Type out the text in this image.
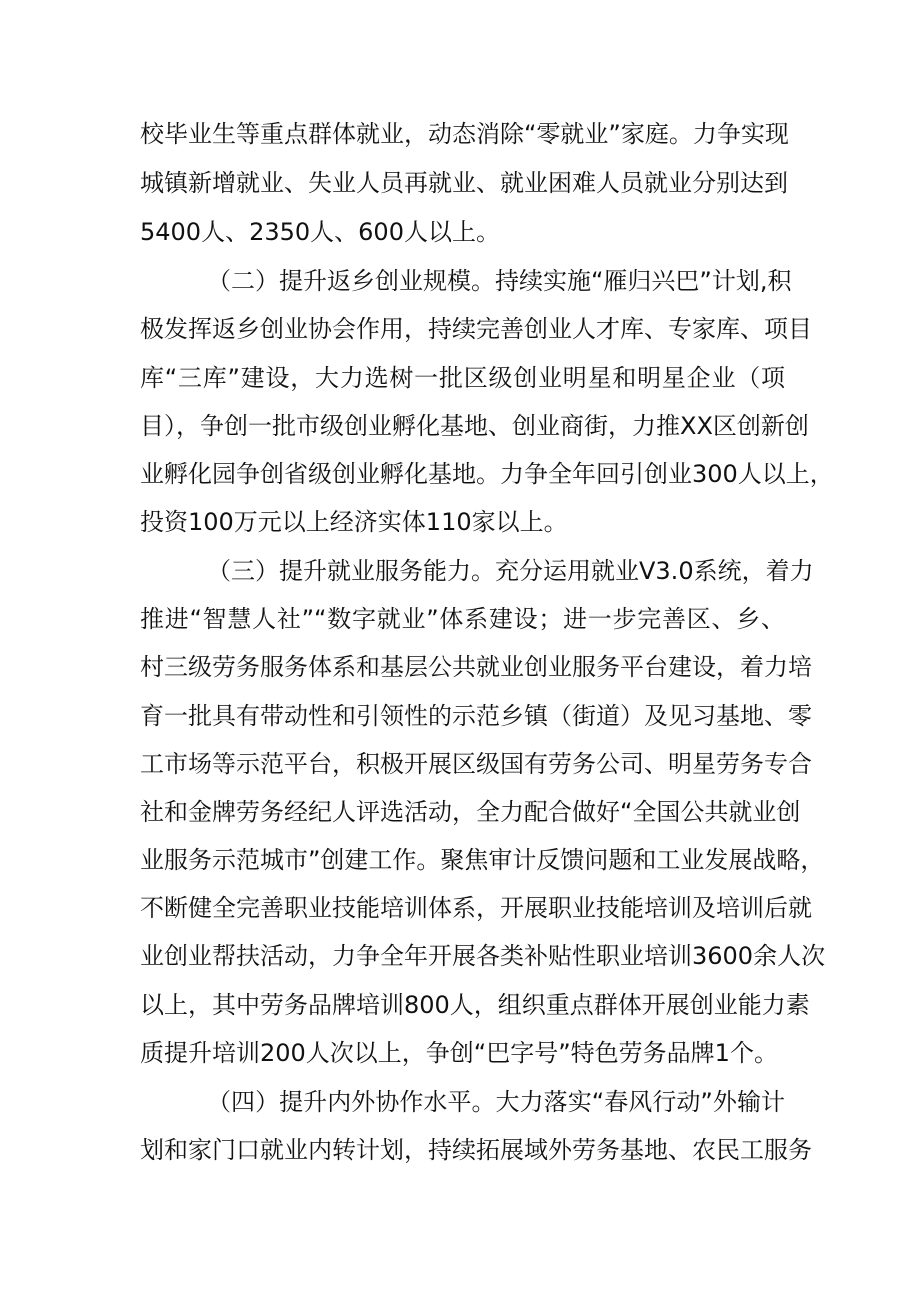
校毕业生等重点群体就业，动态消除“零就业”家庭。力争实现
城镇新增就业、失业人员再就业、就业困难人员就业分别达到
5400人、2350人、600人以上。
（二）提升返乡创业规模。持续实施“雁归兴巴”计划,积
极发挥返乡创业协会作用，持续完善创业人才库、专家库、项目
库“三库”建设，大力选树一批区级创业明星和明星企业（项
目），争创一批市级创业孵化基地、创业商街，力推XX区创新创
业孵化园争创省级创业孵化基地。力争全年回引创业300人以上，
投资100万元以上经济实体110家以上。
（三）提升就业服务能力。充分运用就业V3.0系统，着力
推进“智慧人社”“数字就业”体系建设；进一步完善区、乡、
村三级劳务服务体系和基层公共就业创业服务平台建设，着力培
育一批具有带动性和引领性的示范乡镇（街道）及见习基地、零
工市场等示范平台，积极开展区级国有劳务公司、明星劳务专合
社和金牌劳务经纪人评选活动，全力配合做好“全国公共就业创
业服务示范城市”创建工作。聚焦审计反馈问题和工业发展战略，
不断健全完善职业技能培训体系，开展职业技能培训及培训后就
业创业帮扶活动，力争全年开展各类补贴性职业培训3600余人次
以上，其中劳务品牌培训800人，组织重点群体开展创业能力素
质提升培训200人次以上，争创“巴字号”特色劳务品牌1个。
（四）提升内外协作水平。大力落实“春风行动”外输计
划和家门口就业内转计划，持续拓展域外劳务基地、农民工服务
